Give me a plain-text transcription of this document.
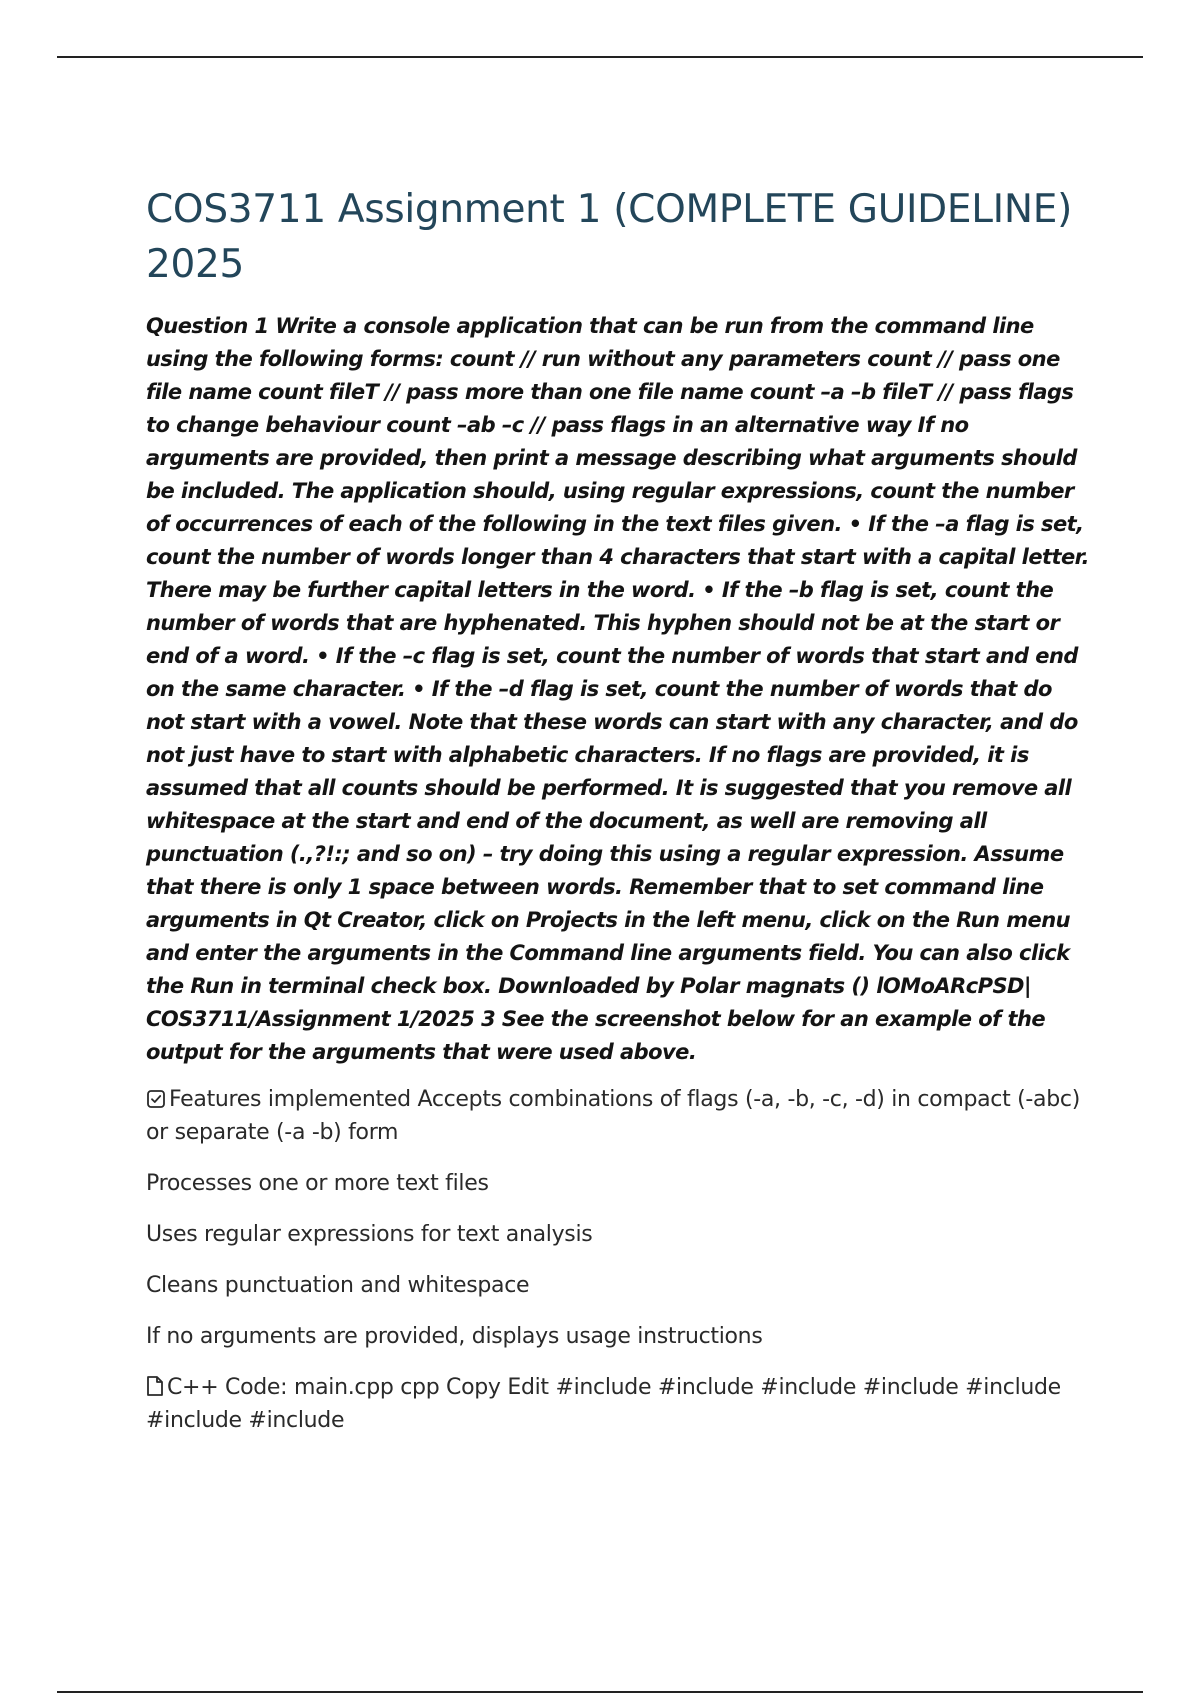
COS3711 Assignment 1 (COMPLETE GUIDELINE) 2025

Question 1 Write a console application that can be run from the command line using the following forms: count // run without any parameters count // pass one file name count fileT // pass more than one file name count –a –b fileT // pass flags to change behaviour count –ab –c // pass flags in an alternative way If no arguments are provided, then print a message describing what arguments should be included. The application should, using regular expressions, count the number of occurrences of each of the following in the text files given. • If the –a flag is set, count the number of words longer than 4 characters that start with a capital letter. There may be further capital letters in the word. • If the –b flag is set, count the number of words that are hyphenated. This hyphen should not be at the start or end of a word. • If the –c flag is set, count the number of words that start and end on the same character. • If the –d flag is set, count the number of words that do not start with a vowel. Note that these words can start with any character, and do not just have to start with alphabetic characters. If no flags are provided, it is assumed that all counts should be performed. It is suggested that you remove all whitespace at the start and end of the document, as well are removing all punctuation (.,?!:; and so on) – try doing this using a regular expression. Assume that there is only 1 space between words. Remember that to set command line arguments in Qt Creator, click on Projects in the left menu, click on the Run menu and enter the arguments in the Command line arguments field. You can also click the Run in terminal check box. Downloaded by Polar magnats () lOMoARcPSD| COS3711/Assignment 1/2025 3 See the screenshot below for an example of the output for the arguments that were used above.

Features implemented Accepts combinations of flags (-a, -b, -c, -d) in compact (-abc) or separate (-a -b) form

Processes one or more text files

Uses regular expressions for text analysis

Cleans punctuation and whitespace

If no arguments are provided, displays usage instructions

C++ Code: main.cpp cpp Copy Edit #include #include #include #include #include #include #include
